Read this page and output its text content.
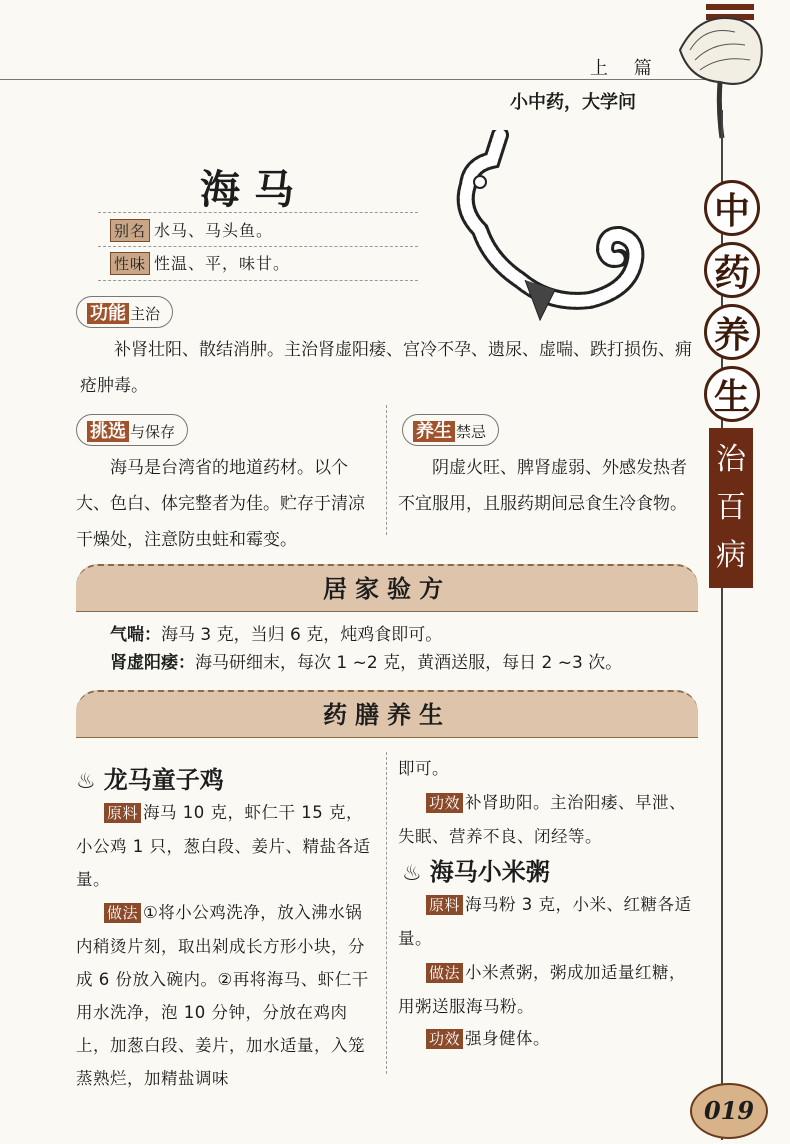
上 篇
小中药，大学问
中
药
养
生
治
百
病
海马
别名 水马、马头鱼。
性味 性温、平，味甘。
功能 主治
补肾壮阳、散结消肿。主治肾虚阳痿、宫冷不孕、遗尿、虚喘、跌打损伤、痈疮肿毒。
挑选 与保存
海马是台湾省的地道药材。以个大、色白、体完整者为佳。贮存于清凉干燥处，注意防虫蛀和霉变。
养生 禁忌
阴虚火旺、脾肾虚弱、外感发热者不宜服用，且服药期间忌食生冷食物。
居家验方
气喘：海马 3 克，当归 6 克，炖鸡食即可。
肾虚阳痿：海马研细末，每次 1 ~2 克，黄酒送服，每日 2 ~3 次。
药膳养生
♨ 龙马童子鸡
原料 海马 10 克，虾仁干 15 克，小公鸡 1 只，葱白段、姜片、精盐各适量。
做法 ①将小公鸡洗净，放入沸水锅内稍烫片刻，取出剁成长方形小块，分成 6 份放入碗内。②再将海马、虾仁干用水洗净，泡 10 分钟，分放在鸡肉上，加葱白段、姜片，加水适量，入笼蒸熟烂，加精盐调味
即可。
功效 补肾助阳。主治阳痿、早泄、失眠、营养不良、闭经等。
♨ 海马小米粥
原料 海马粉 3 克，小米、红糖各适量。
做法 小米煮粥，粥成加适量红糖，用粥送服海马粉。
功效 强身健体。
019
